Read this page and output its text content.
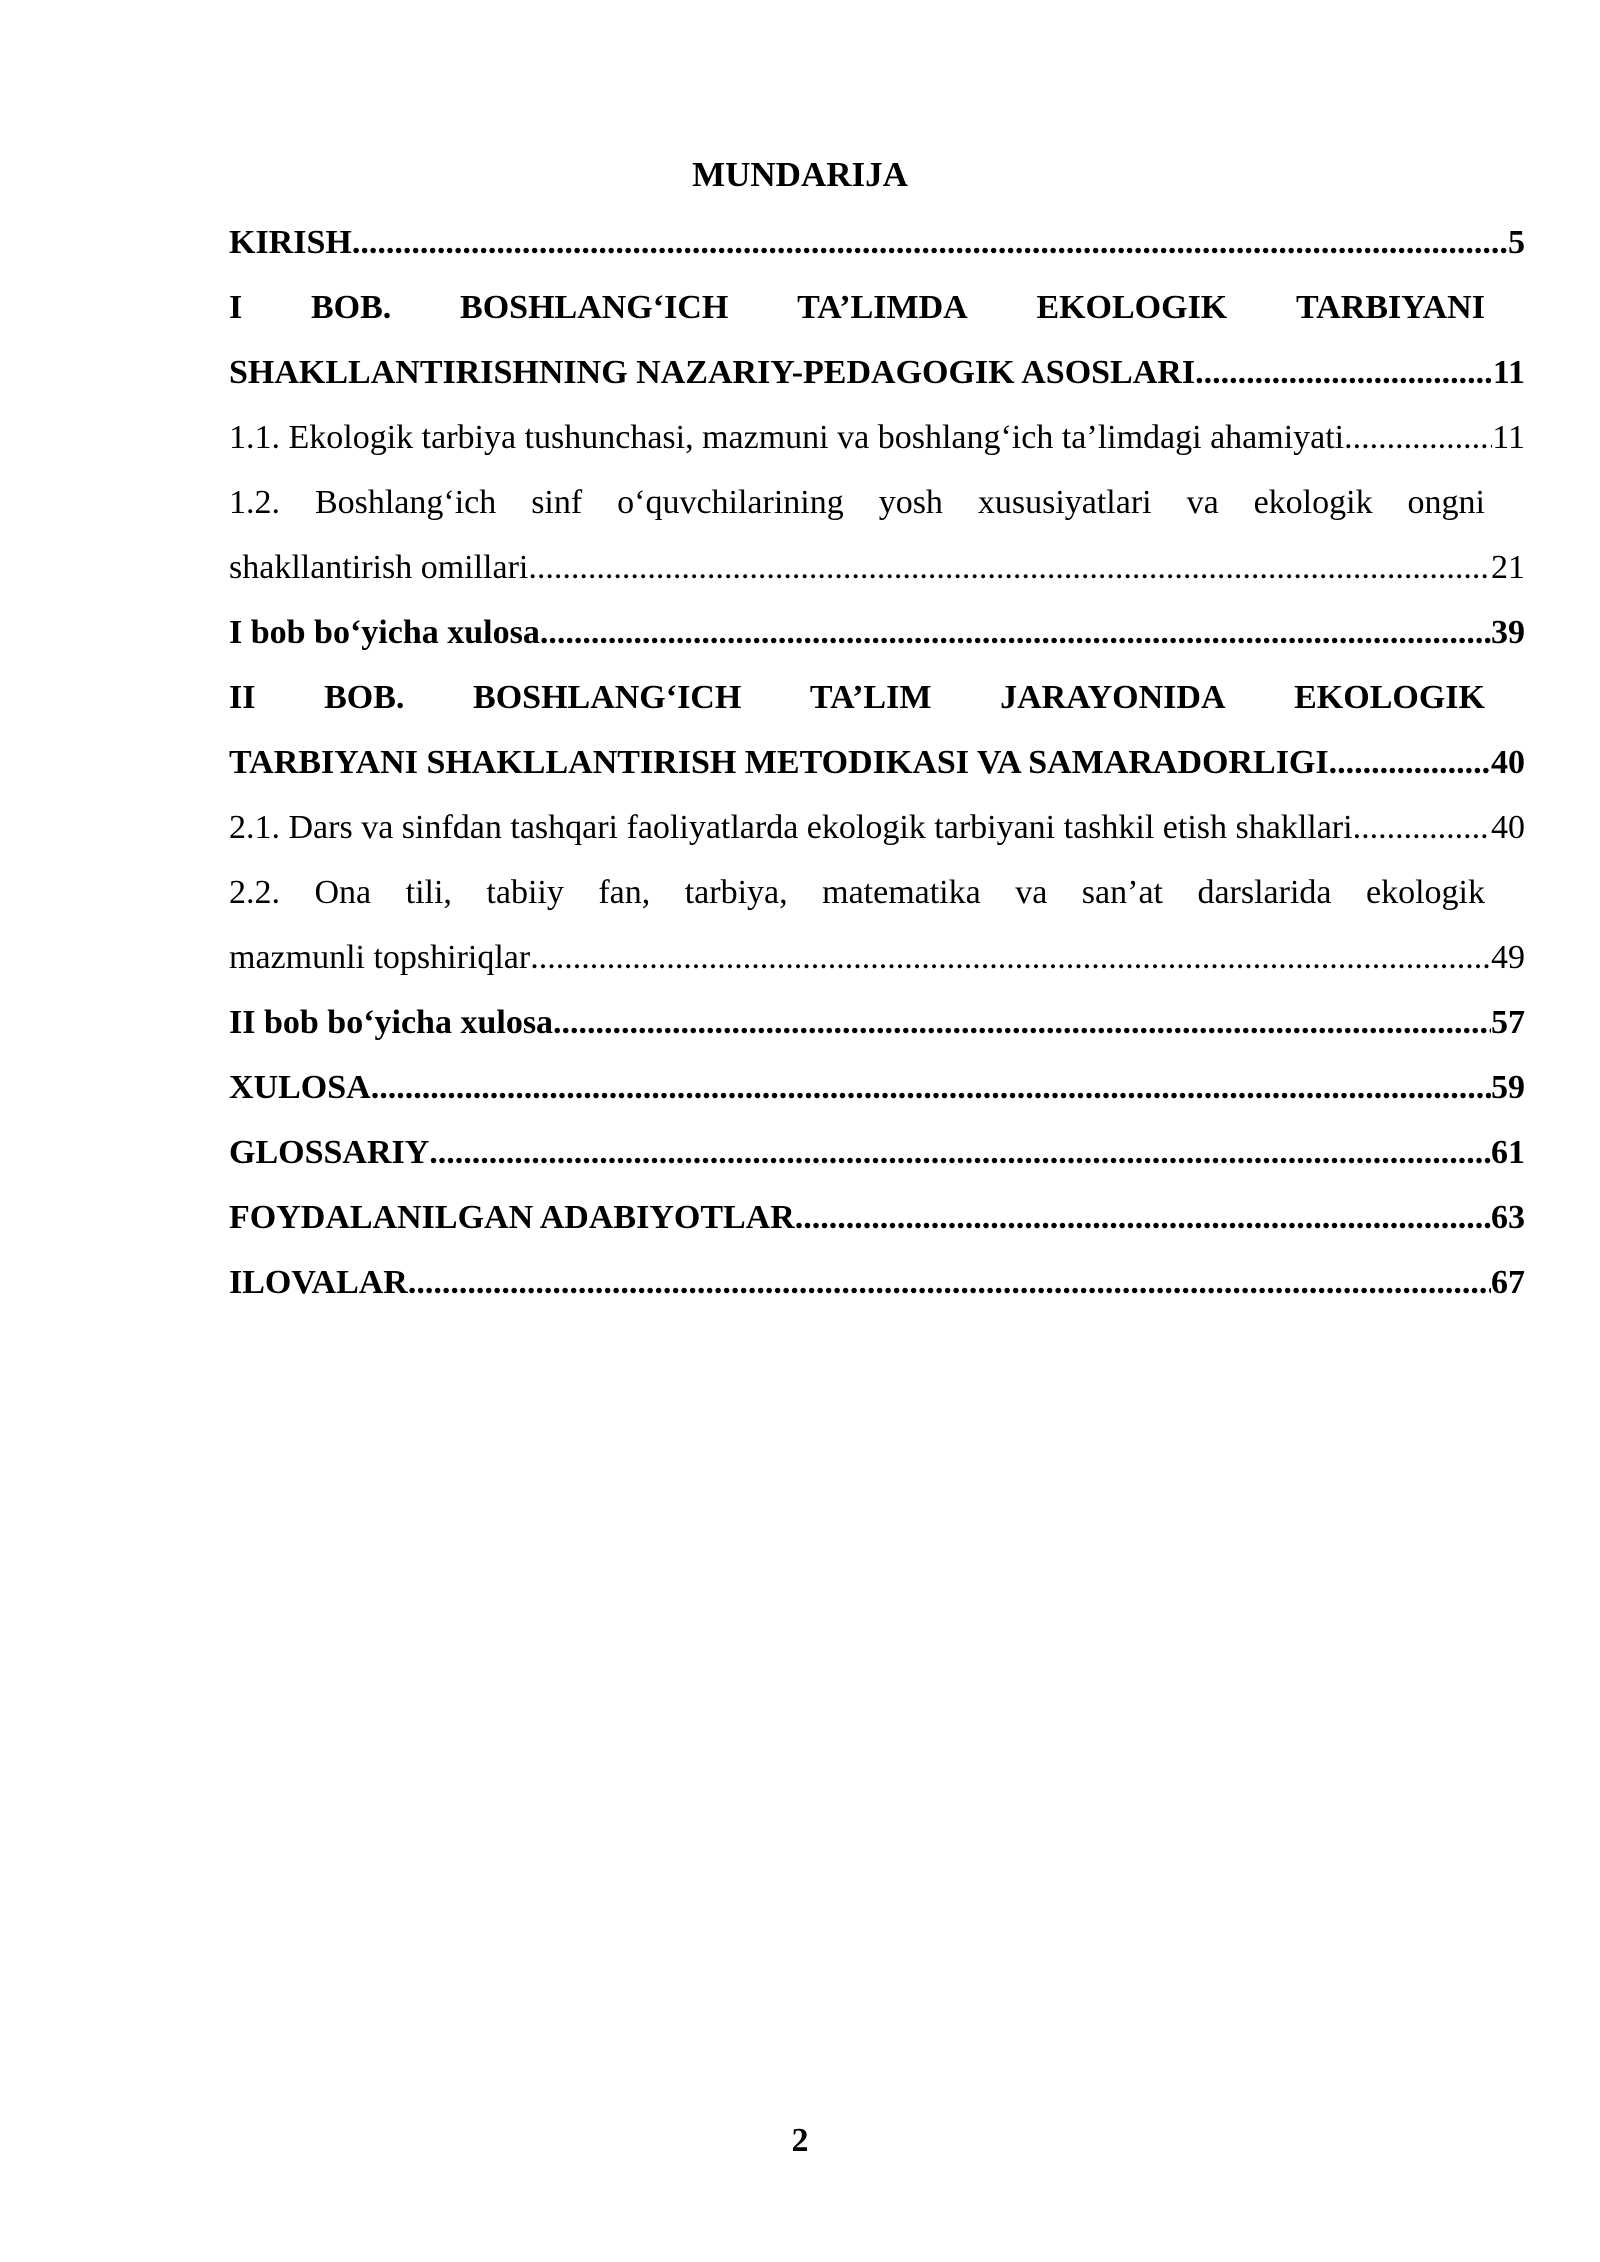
MUNDARIJA
KIRISH .....	5
I BOB. BOSHLANG‘ICH TA’LIMDA EKOLOGIK TARBIYANI
SHAKLLANTIRISHNING NAZARIY-PEDAGOGIK ASOSLARI .....	11
1.1. Ekologik tarbiya tushunchasi, mazmuni va boshlang‘ich ta’limdagi ahamiyati .....	11
1.2. Boshlang‘ich sinf o‘quvchilarining yosh xususiyatlari va ekologik ongni
shakllantirish omillari .....	21
I bob bo‘yicha xulosa .....	39
II BOB. BOSHLANG‘ICH TA’LIM JARAYONIDA EKOLOGIK
TARBIYANI SHAKLLANTIRISH METODIKASI VA SAMARADORLIGI .....	40
2.1. Dars va sinfdan tashqari faoliyatlarda ekologik tarbiyani tashkil etish shakllari .....	40
2.2. Ona tili, tabiiy fan, tarbiya, matematika va san’at darslarida ekologik
mazmunli topshiriqlar .....	49
II bob bo‘yicha xulosa .....	57
XULOSA .....	59
GLOSSARIY .....	61
FOYDALANILGAN ADABIYOTLAR .....	63
ILOVALAR .....	67
2
